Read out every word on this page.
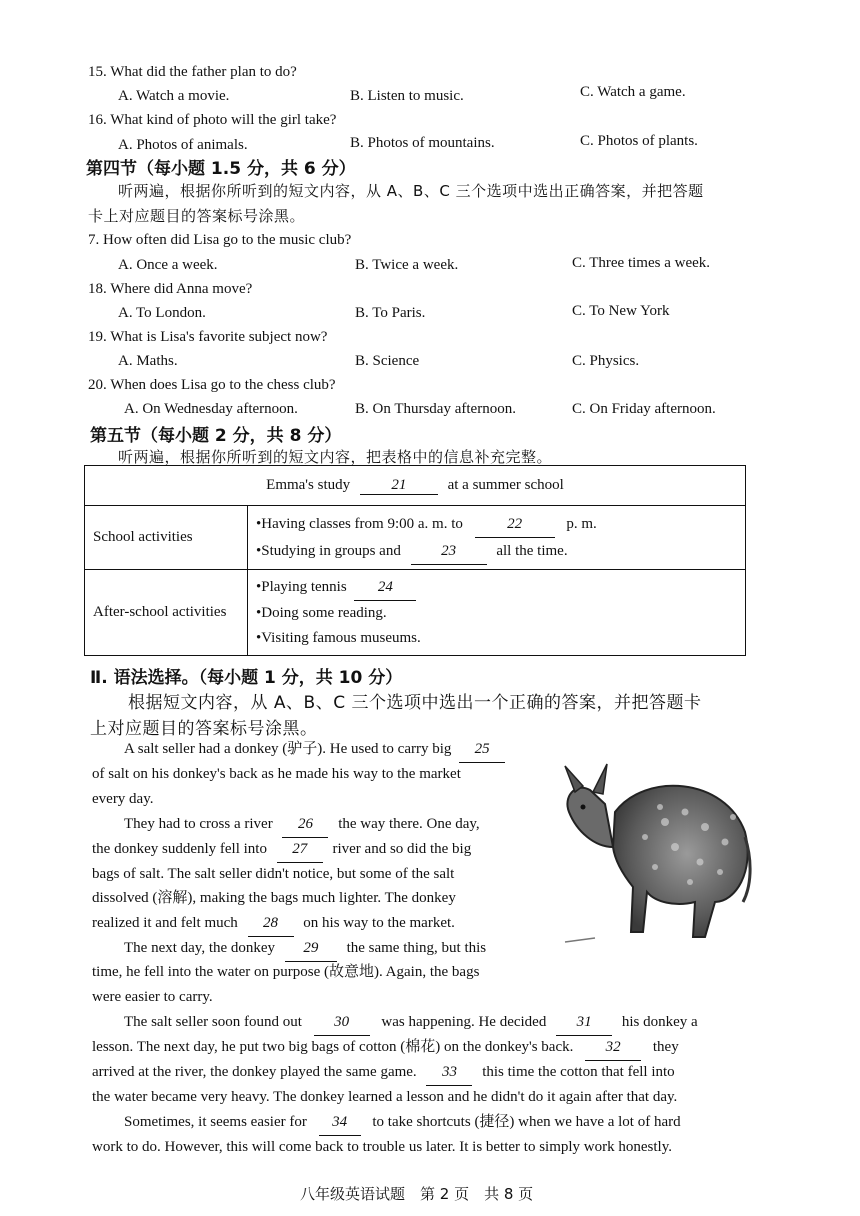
15. What did the father plan to do?
A. Watch a movie.	B. Listen to music.	C. Watch a game.
16. What kind of photo will the girl take?
A. Photos of animals.	B. Photos of mountains.	C. Photos of plants.
第四节（每小题 1.5 分，共 6 分）
听两遍，根据你所听到的短文内容，从 A、B、C 三个选项中选出正确答案，并把答题
卡上对应题目的答案标号涂黑。
7. How often did Lisa go to the music club?
A. Once a week.	B. Twice a week.	C. Three times a week.
18. Where did Anna move?
A. To London.	B. To Paris.	C. To New York
19. What is Lisa's favorite subject now?
A. Maths.	B. Science	C. Physics.
20. When does Lisa go to the chess club?
A. On Wednesday afternoon.	B. On Thursday afternoon.	C. On Friday afternoon.
第五节（每小题 2 分，共 8 分）
听两遍，根据你所听到的短文内容，把表格中的信息补充完整。
Emma's study 21 at a summer school	
School activities	•Having classes from 9:00 a. m. to 22 p. m.
•Studying in groups and 23 all the time.

After-school activities	•Playing tennis 24
•Doing some reading.
•Visiting famous museums.
Ⅱ. 语法选择。（每小题 1 分，共 10 分）
根据短文内容，从 A、B、C 三个选项中选出一个正确的答案，并把答题卡
上对应题目的答案标号涂黑。
A salt seller had a donkey (驴子). He used to carry big 25
of salt on his donkey's back as he made his way to the market
every day.
They had to cross a river 26 the way there. One day,
the donkey suddenly fell into 27 river and so did the big
bags of salt. The salt seller didn't notice, but some of the salt
dissolved (溶解), making the bags much lighter. The donkey
realized it and felt much 28 on his way to the market.
The next day, the donkey 29 the same thing, but this
time, he fell into the water on purpose (故意地). Again, the bags
were easier to carry.
The salt seller soon found out 30 was happening. He decided 31 his donkey a
lesson. The next day, he put two big bags of cotton (棉花) on the donkey's back. 32 they
arrived at the river, the donkey played the same game. 33 this time the cotton that fell into
the water became very heavy. The donkey learned a lesson and he didn't do it again after that day.
Sometimes, it seems easier for 34 to take shortcuts (捷径) when we have a lot of hard
work to do. However, this will come back to trouble us later. It is better to simply work honestly.
八年级英语试题　第 2 页　共 8 页
